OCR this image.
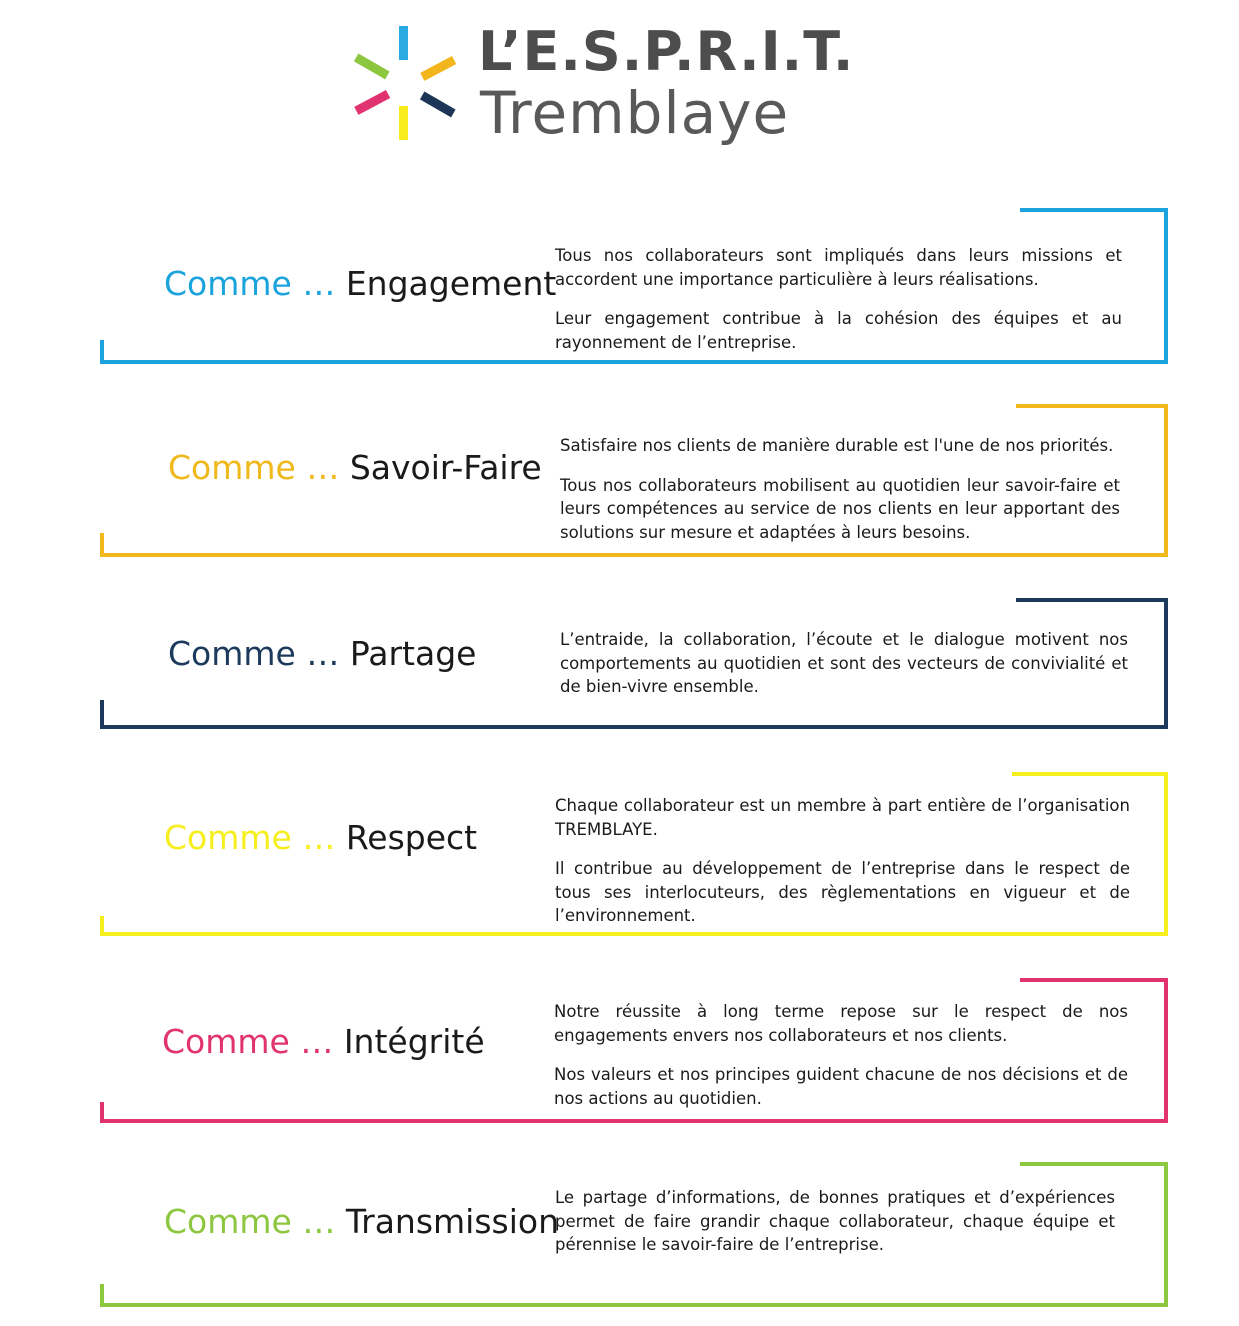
L’E.S.P.R.I.T.
Tremblaye
E Comme … Engagement

Tous nos collaborateurs sont impliqués dans leurs missions et accordent une importance particulière à leurs réalisations.

Leur engagement contribue à la cohésion des équipes et au rayonnement de l’entreprise.

S Comme … Savoir-Faire

Satisfaire nos clients de manière durable est l'une de nos priorités.

Tous nos collaborateurs mobilisent au quotidien leur savoir-faire et leurs compétences au service de nos clients en leur apportant des solutions sur mesure et adaptées à leurs besoins.

P Comme … Partage	L’entraide, la collaboration, l’écoute et le dialogue motivent nos comportements au quotidien et sont des vecteurs de convivialité et de bien-vivre ensemble.

R Comme … Respect

Chaque collaborateur est un membre à part entière de l’organisation TREMBLAYE.

Il contribue au développement de l’entreprise dans le respect de tous ses interlocuteurs, des règlementations en vigueur et de l’environnement.

I Comme … Intégrité

Notre réussite à long terme repose sur le respect de nos engagements envers nos collaborateurs et nos clients.

Nos valeurs et nos principes guident chacune de nos décisions et de nos actions au quotidien.

T Comme … Transmission

Le partage d’informations, de bonnes pratiques et d’expériences permet de faire grandir chaque collaborateur, chaque équipe et pérennise le savoir-faire de l’entreprise.
